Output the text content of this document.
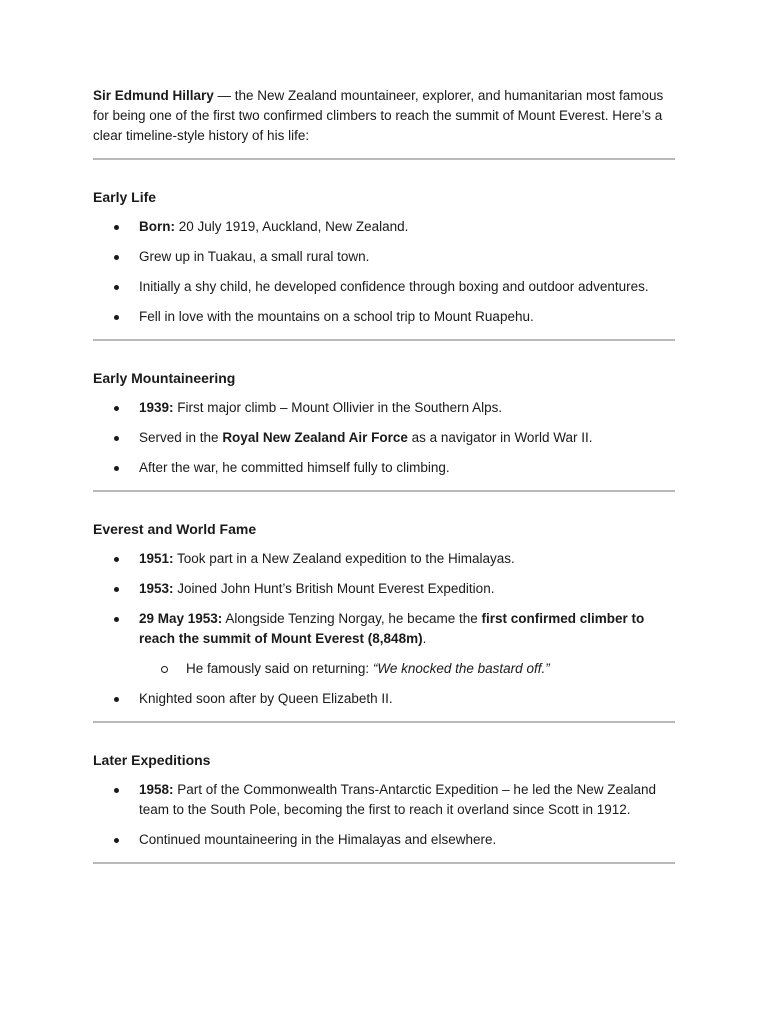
Sir Edmund Hillary — the New Zealand mountaineer, explorer, and humanitarian most famous for being one of the first two confirmed climbers to reach the summit of Mount Everest. Here’s a clear timeline-style history of his life:

Early Life
Born: 20 July 1919, Auckland, New Zealand.
Grew up in Tuakau, a small rural town.
Initially a shy child, he developed confidence through boxing and outdoor adventures.
Fell in love with the mountains on a school trip to Mount Ruapehu.
Early Mountaineering
1939: First major climb – Mount Ollivier in the Southern Alps.
Served in the Royal New Zealand Air Force as a navigator in World War II.
After the war, he committed himself fully to climbing.
Everest and World Fame
1951: Took part in a New Zealand expedition to the Himalayas.
1953: Joined John Hunt’s British Mount Everest Expedition.
29 May 1953: Alongside Tenzing Norgay, he became the first confirmed climber to reach the summit of Mount Everest (8,848m).
He famously said on returning: “We knocked the bastard off.”
Knighted soon after by Queen Elizabeth II.
Later Expeditions
1958: Part of the Commonwealth Trans-Antarctic Expedition – he led the New Zealand team to the South Pole, becoming the first to reach it overland since Scott in 1912.
Continued mountaineering in the Himalayas and elsewhere.
